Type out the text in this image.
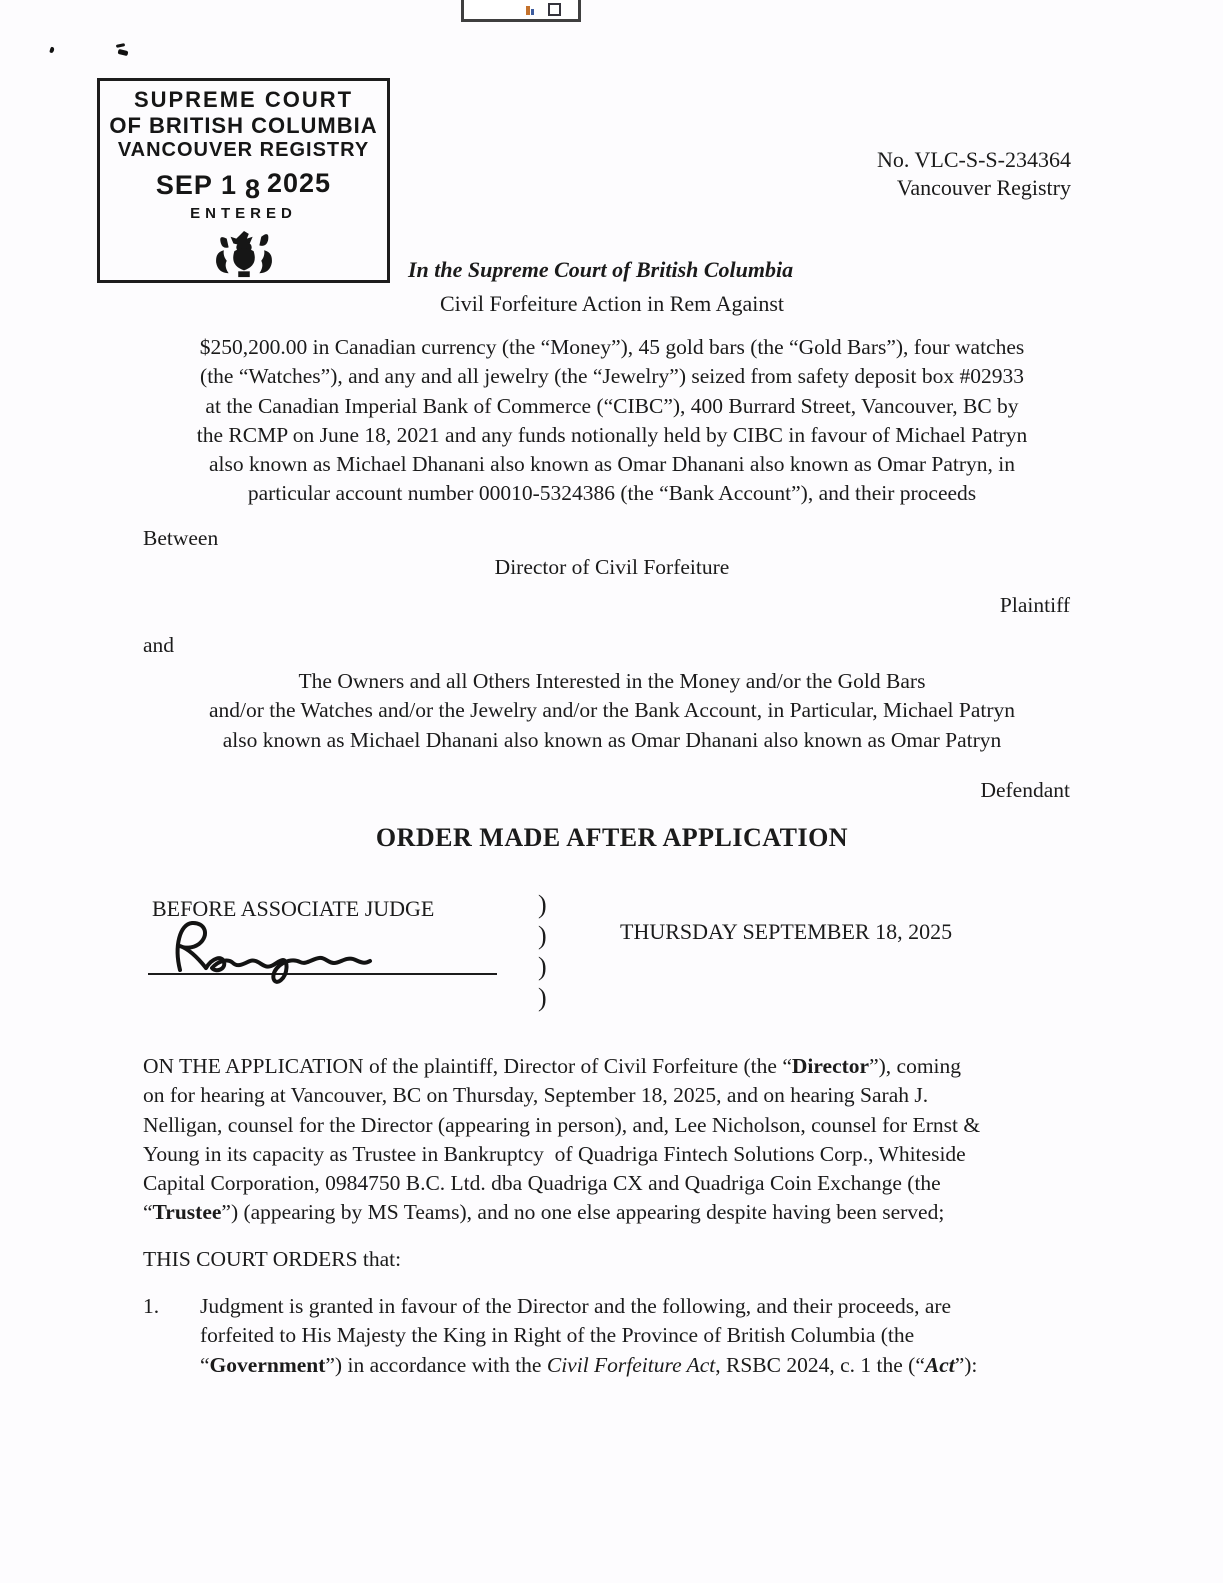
SUPREME COURT
OF BRITISH COLUMBIA
VANCOUVER REGISTRY
SEP 1 8 2025
ENTERED
No. VLC-S-S-234364
Vancouver Registry
In the Supreme Court of British Columbia
Civil Forfeiture Action in Rem Against
$250,200.00 in Canadian currency (the “Money”), 45 gold bars (the “Gold Bars”), four watches
(the “Watches”), and any and all jewelry (the “Jewelry”) seized from safety deposit box #02933
at the Canadian Imperial Bank of Commerce (“CIBC”), 400 Burrard Street, Vancouver, BC by
the RCMP on June 18, 2021 and any funds notionally held by CIBC in favour of Michael Patryn
also known as Michael Dhanani also known as Omar Dhanani also known as Omar Patryn, in
particular account number 00010-5324386 (the “Bank Account”), and their proceeds
Between
Director of Civil Forfeiture
Plaintiff
and
The Owners and all Others Interested in the Money and/or the Gold Bars
and/or the Watches and/or the Jewelry and/or the Bank Account, in Particular, Michael Patryn
also known as Michael Dhanani also known as Omar Dhanani also known as Omar Patryn
Defendant
ORDER MADE AFTER APPLICATION
BEFORE ASSOCIATE JUDGE	)
)
)
)
THURSDAY SEPTEMBER 18, 2025
ON THE APPLICATION of the plaintiff, Director of Civil Forfeiture (the “Director”), coming
on for hearing at Vancouver, BC on Thursday, September 18, 2025, and on hearing Sarah J.
Nelligan, counsel for the Director (appearing in person), and, Lee Nicholson, counsel for Ernst &
Young in its capacity as Trustee in Bankruptcy  of Quadriga Fintech Solutions Corp., Whiteside
Capital Corporation, 0984750 B.C. Ltd. dba Quadriga CX and Quadriga Coin Exchange (the
“Trustee”) (appearing by MS Teams), and no one else appearing despite having been served;
THIS COURT ORDERS that:
1. Judgment is granted in favour of the Director and the following, and their proceeds, are
forfeited to His Majesty the King in Right of the Province of British Columbia (the
“Government”) in accordance with the Civil Forfeiture Act, RSBC 2024, c. 1 the (“Act”):
